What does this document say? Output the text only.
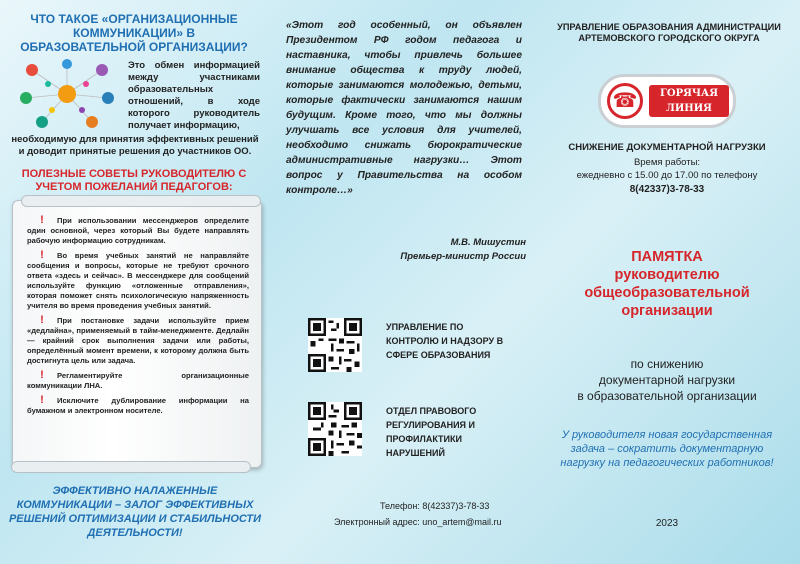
ЧТО ТАКОЕ «ОРГАНИЗАЦИОННЫЕ КОММУНИКАЦИИ» В ОБРАЗОВАТЕЛЬНОЙ ОРГАНИЗАЦИИ?
Это обмен информацией между участниками образовательных отношений, в ходе которого руководитель получает информацию,
необходимую для принятия эффективных решений и доводит принятые решения до участников ОО.
ПОЛЕЗНЫЕ СОВЕТЫ РУКОВОДИТЕЛЮ С УЧЕТОМ ПОЖЕЛАНИЙ ПЕДАГОГОВ:
! При использовании мессенджеров определите один основной, через который Вы будете направлять рабочую информацию сотрудникам.
! Во время учебных занятий не направляйте сообщения и вопросы, которые не требуют срочного ответа «здесь и сейчас». В мессенджере для сообщений используйте функцию «отложенные отправления», которая поможет снять психологическую напряженность учителя во время проведения учебных занятий.
! При постановке задачи используйте прием «дедлайна», применяемый в тайм-менеджменте. Дедлайн — крайний срок выполнения задачи или работы, определённый момент времени, к которому должна быть достигнута цель или задача.
! Регламентируйте организационные коммуникации ЛНА.
! Исключите дублирование информации на бумажном и электронном носителе.
ЭФФЕКТИВНО НАЛАЖЕННЫЕ КОММУНИКАЦИИ – ЗАЛОГ ЭФФЕКТИВНЫХ РЕШЕНИЙ ОПТИМИЗАЦИИ И СТАБИЛЬНОСТИ ДЕЯТЕЛЬНОСТИ!
«Этот год особенный, он объявлен Президентом РФ годом педагога и наставника, чтобы привлечь большее внимание общества к труду людей, которые занимаются молодежью, детьми, которые фактически занимаются нашим будущим. Кроме того, что мы должны улучшать все условия для учителей, необходимо снижать бюрократические административные нагрузки… Этот вопрос у Правительства на особом контроле…»
М.В. Мишустин
Премьер-министр России
УПРАВЛЕНИЕ ПО КОНТРОЛЮ И НАДЗОРУ В СФЕРЕ ОБРАЗОВАНИЯ
ОТДЕЛ ПРАВОВОГО РЕГУЛИРОВАНИЯ И ПРОФИЛАКТИКИ НАРУШЕНИЙ
Телефон: 8(42337)3-78-33
Электронный адрес: uno_artem@mail.ru
УПРАВЛЕНИЕ ОБРАЗОВАНИЯ АДМИНИСТРАЦИИ АРТЕМОВСКОГО ГОРОДСКОГО ОКРУГА
☎	ГОРЯЧАЯ
ЛИНИЯ
СНИЖЕНИЕ ДОКУМЕНТАРНОЙ НАГРУЗКИ
Время работы:
ежедневно с 15.00 до 17.00 по телефону
8(42337)3-78-33
ПАМЯТКА
руководителю
общеобразовательной
организации
по снижению
документарной нагрузки
в образовательной организации
У руководителя новая государственная задача – сократить документарную нагрузку на педагогических работников!
2023
